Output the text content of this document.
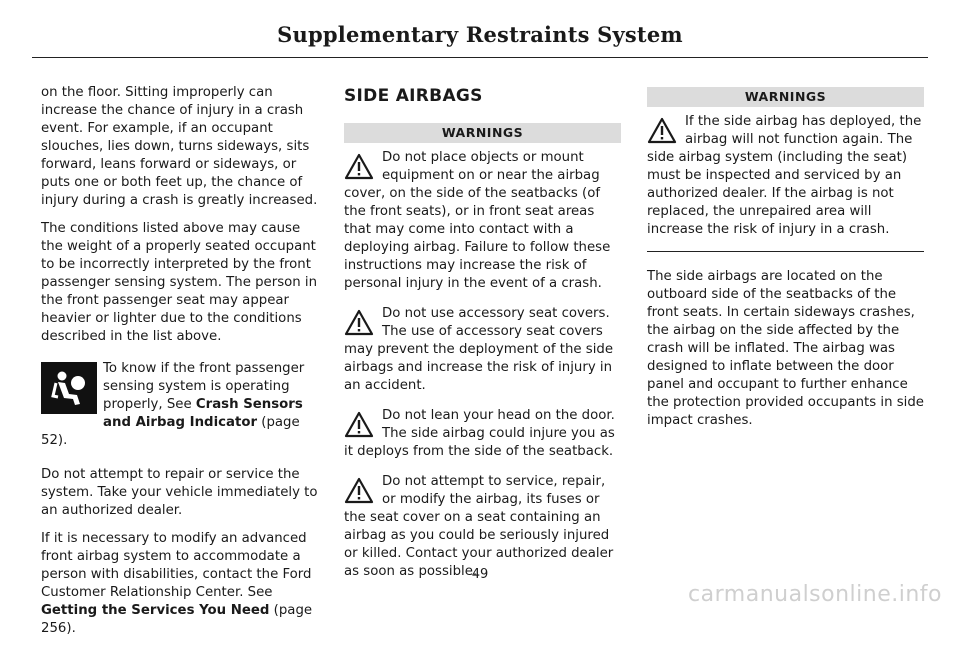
Supplementary Restraints System

on the floor. Sitting improperly can increase the chance of injury in a crash event. For example, if an occupant slouches, lies down, turns sideways, sits forward, leans forward or sideways, or puts one or both feet up, the chance of injury during a crash is greatly increased.

The conditions listed above may cause the weight of a properly seated occupant to be incorrectly interpreted by the front passenger sensing system. The person in the front passenger seat may appear heavier or lighter due to the conditions described in the list above.

To know if the front passenger sensing system is operating properly, See Crash Sensors and Airbag Indicator (page 52).

Do not attempt to repair or service the system. Take your vehicle immediately to an authorized dealer.

If it is necessary to modify an advanced front airbag system to accommodate a person with disabilities, contact the Ford Customer Relationship Center. See Getting the Services You Need (page 256).

SIDE AIRBAGS
WARNINGS
Do not place objects or mount equipment on or near the airbag cover, on the side of the seatbacks (of the front seats), or in front seat areas that may come into contact with a deploying airbag. Failure to follow these instructions may increase the risk of personal injury in the event of a crash.
Do not use accessory seat covers. The use of accessory seat covers may prevent the deployment of the side airbags and increase the risk of injury in an accident.
Do not lean your head on the door. The side airbag could injure you as it deploys from the side of the seatback.
Do not attempt to service, repair, or modify the airbag, its fuses or the seat cover on a seat containing an airbag as you could be seriously injured or killed. Contact your authorized dealer as soon as possible.
WARNINGS
If the side airbag has deployed, the airbag will not function again. The side airbag system (including the seat) must be inspected and serviced by an authorized dealer. If the airbag is not replaced, the unrepaired area will increase the risk of injury in a crash.

The side airbags are located on the outboard side of the seatbacks of the front seats. In certain sideways crashes, the airbag on the side affected by the crash will be inflated. The airbag was designed to inflate between the door panel and occupant to further enhance the protection provided occupants in side impact crashes.

49
carmanualsonline.info
